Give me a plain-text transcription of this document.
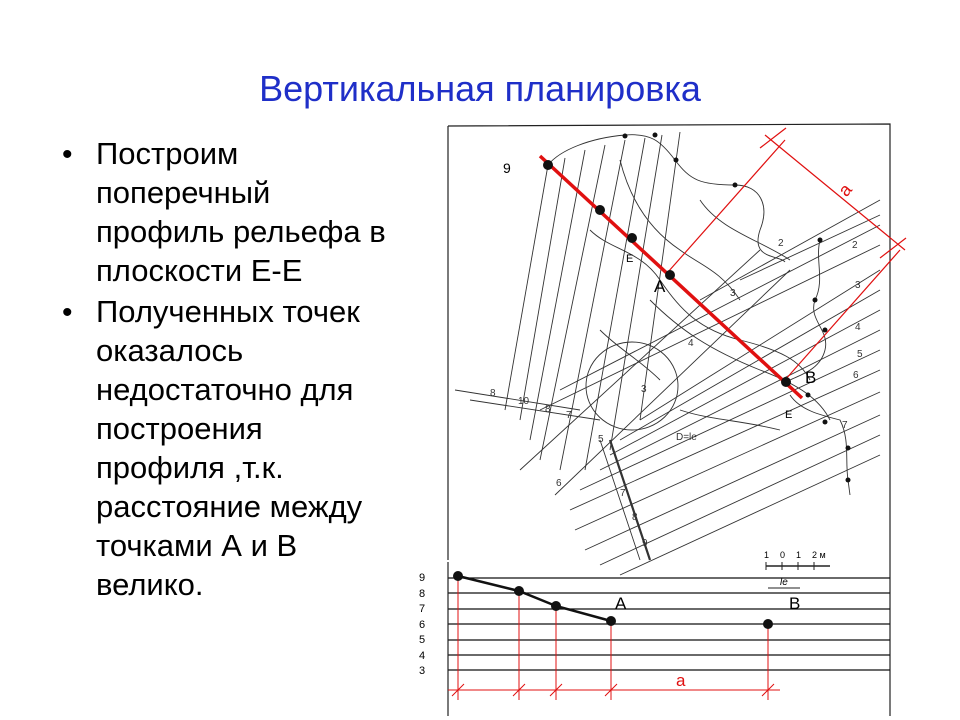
Вертикальная планировка
• Построим поперечный профиль рельефа в плоскости Е-Е
• Полученных точек оказалось недостаточно для построения профиля ,т.к. расстояние между точками А и В велико.
9
а
А
В
Е
Е
2	2
3
3
4
4
5
6
7
8	3
5
6
7
8
9
10
8
7
D=le
9
8
7
6
5
4
3
А	В
а
1 0 1 2 м
lе
